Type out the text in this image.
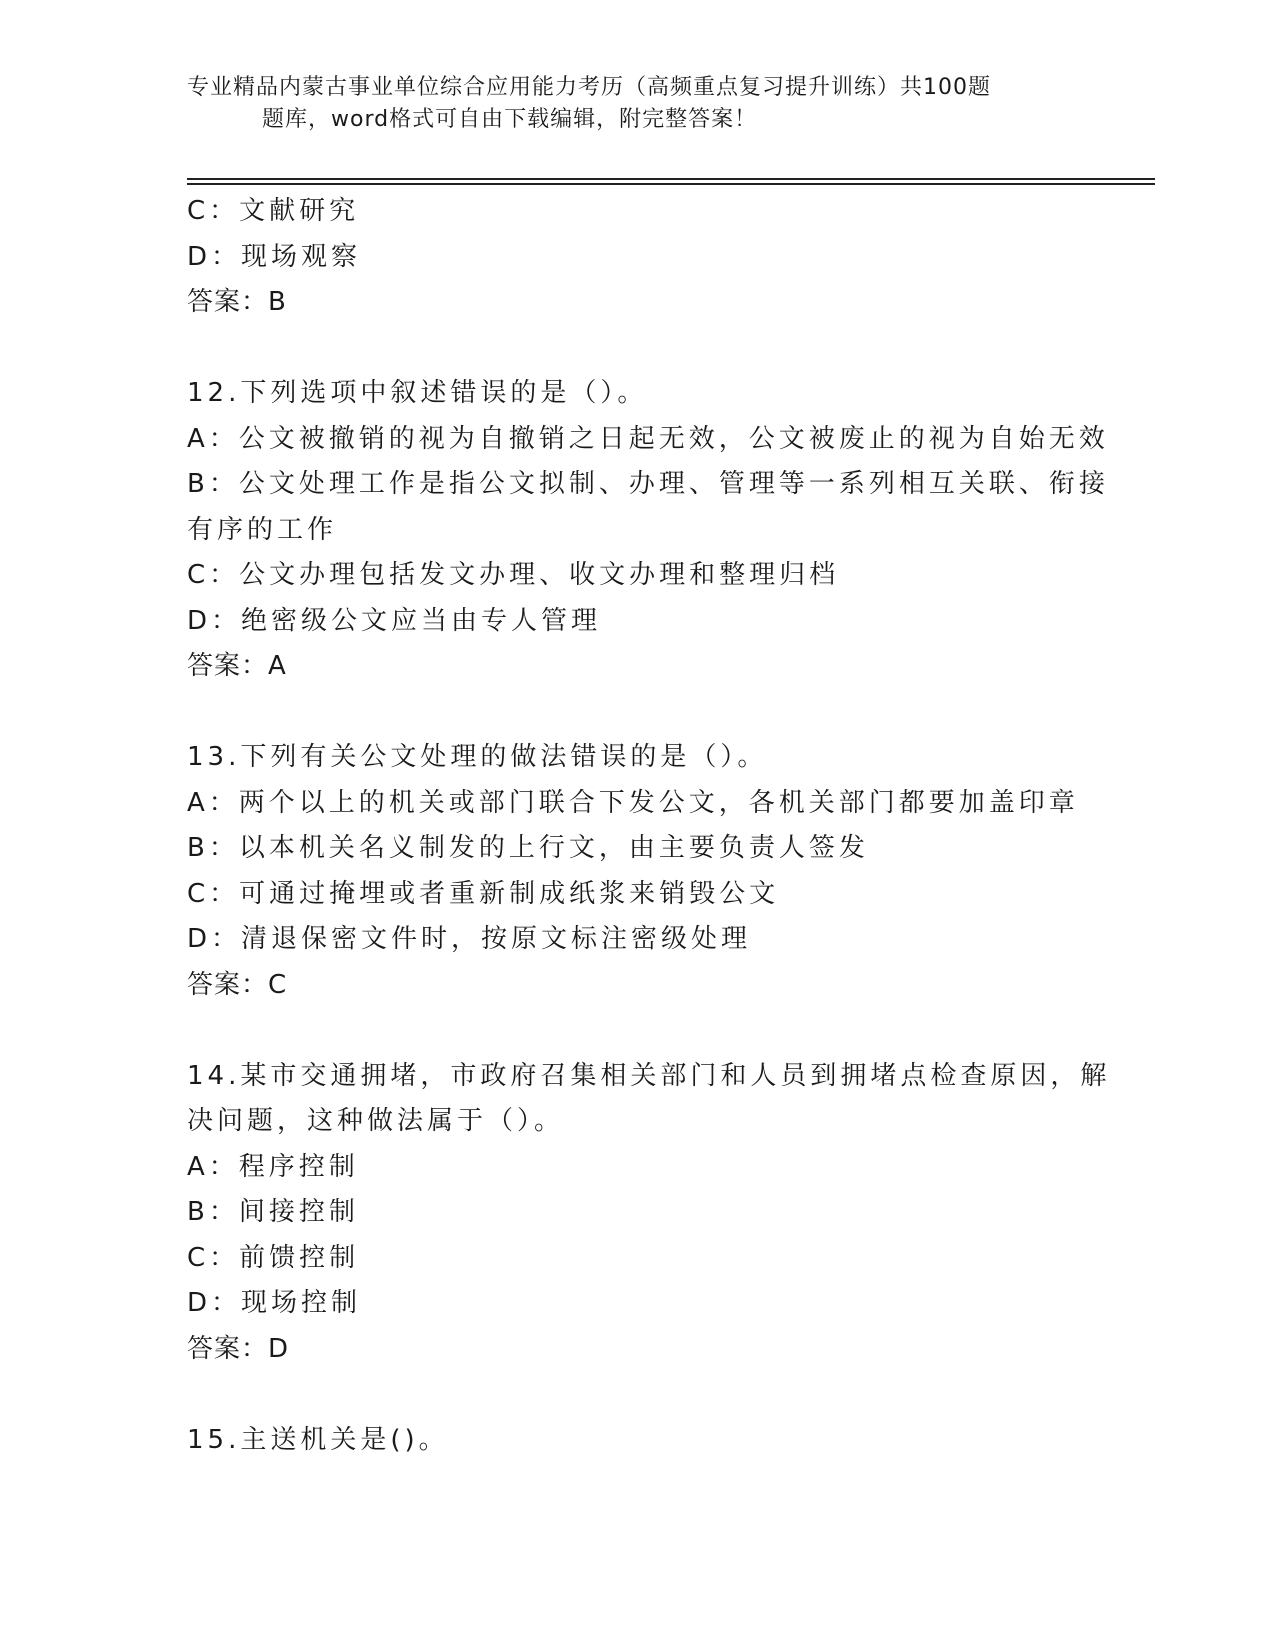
专业精品内蒙古事业单位综合应用能力考历（高频重点复习提升训练）共100题
题库，word格式可自由下载编辑，附完整答案！
C：文献研究
D：现场观察
答案：B
12.下列选项中叙述错误的是（）。
A：公文被撤销的视为自撤销之日起无效，公文被废止的视为自始无效
B：公文处理工作是指公文拟制、办理、管理等一系列相互关联、衔接
有序的工作
C：公文办理包括发文办理、收文办理和整理归档
D：绝密级公文应当由专人管理
答案：A
13.下列有关公文处理的做法错误的是（）。
A：两个以上的机关或部门联合下发公文，各机关部门都要加盖印章
B：以本机关名义制发的上行文，由主要负责人签发
C：可通过掩埋或者重新制成纸浆来销毁公文
D：清退保密文件时，按原文标注密级处理
答案：C
14.某市交通拥堵，市政府召集相关部门和人员到拥堵点检查原因，解
决问题，这种做法属于（）。
A：程序控制
B：间接控制
C：前馈控制
D：现场控制
答案：D
15.主送机关是()。
